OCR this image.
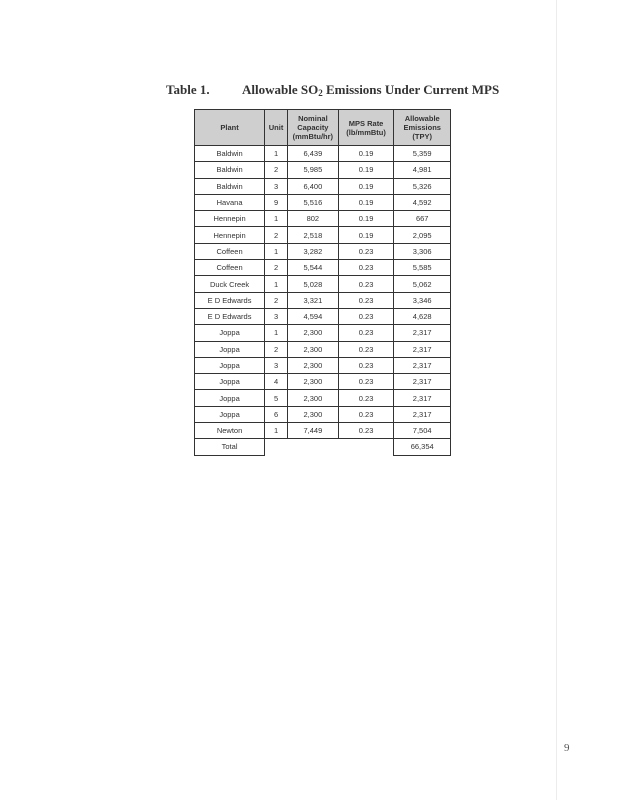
Table 1. Allowable $SO_2$ Emissions Under Current MPS
Plant	Unit	Nominal
Capacity
(mmBtu/hr)	MPS Rate
(lb/mmBtu)	Allowable
Emissions
(TPY)
Baldwin	1	6,439	0.19	5,359
Baldwin	2	5,985	0.19	4,981
Baldwin	3	6,400	0.19	5,326
Havana	9	5,516	0.19	4,592
Hennepin	1	802	0.19	667
Hennepin	2	2,518	0.19	2,095
Coffeen	1	3,282	0.23	3,306
Coffeen	2	5,544	0.23	5,585
Duck Creek	1	5,028	0.23	5,062
E D Edwards	2	3,321	0.23	3,346
E D Edwards	3	4,594	0.23	4,628
Joppa	1	2,300	0.23	2,317
Joppa	2	2,300	0.23	2,317
Joppa	3	2,300	0.23	2,317
Joppa	4	2,300	0.23	2,317
Joppa	5	2,300	0.23	2,317
Joppa	6	2,300	0.23	2,317
Newton	1	7,449	0.23	7,504
Total				66,354
9
